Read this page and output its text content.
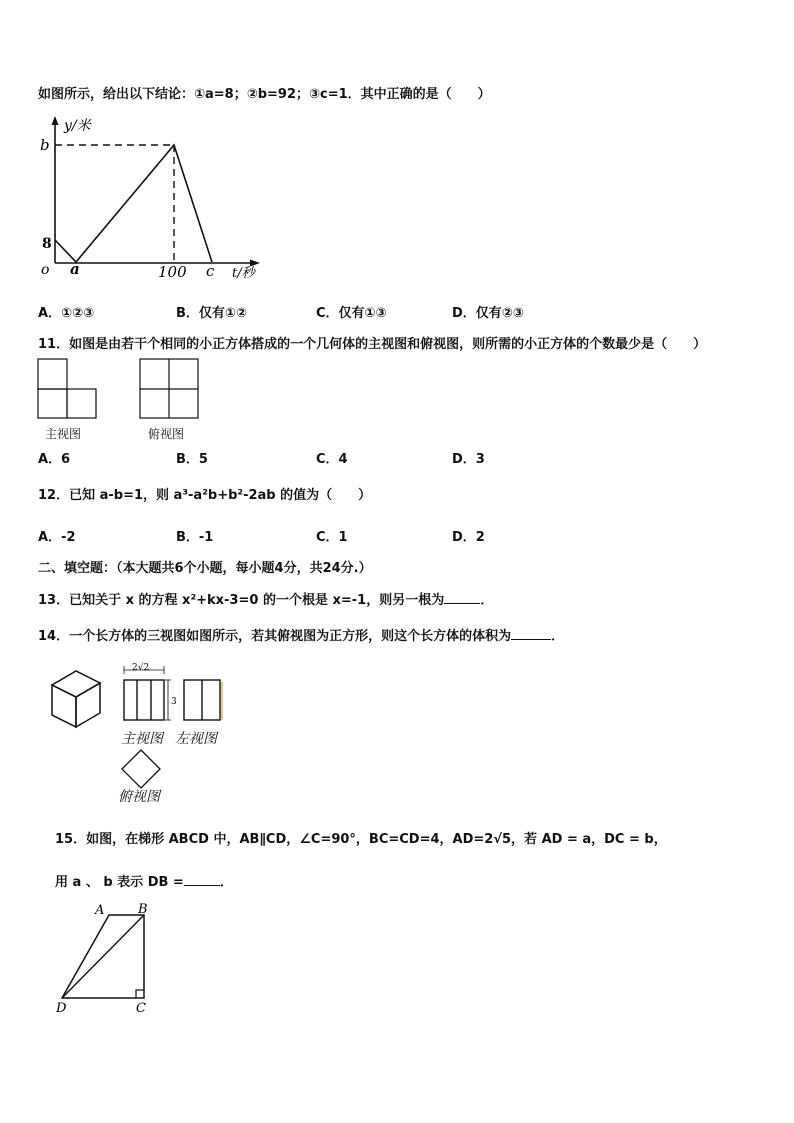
如图所示，给出以下结论：①a=8；②b=92；③c=1．其中正确的是（　　）
y/米
b
8
o a	100 c t/秒
A．①②③	B．仅有①②	C．仅有①③	D．仅有②③
11．如图是由若干个相同的小正方体搭成的一个几何体的主视图和俯视图，则所需的小正方体的个数最少是（　　）
主视图	俯视图
A．6	B．5	C．4	D．3
12．已知 a-b=1，则 a³-a²b+b²-2ab 的值为（　　）
A．-2	B．-1	C．1	D．2
二、填空题：（本大题共6个小题，每小题4分，共24分.）
13．已知关于 x 的方程 x²+kx-3=0 的一个根是 x=-1，则另一根为	．
14．一个长方体的三视图如图所示，若其俯视图为正方形，则这个长方体的体积为	．
2√2
3
主视图 左视图
俯视图
15．如图，在梯形 ABCD 中，AB∥CD，∠C=90°，BC=CD=4，AD=2√5，若 AD = a，DC = b，
用 a 、 b 表示 DB =	．
A	B
C
D
